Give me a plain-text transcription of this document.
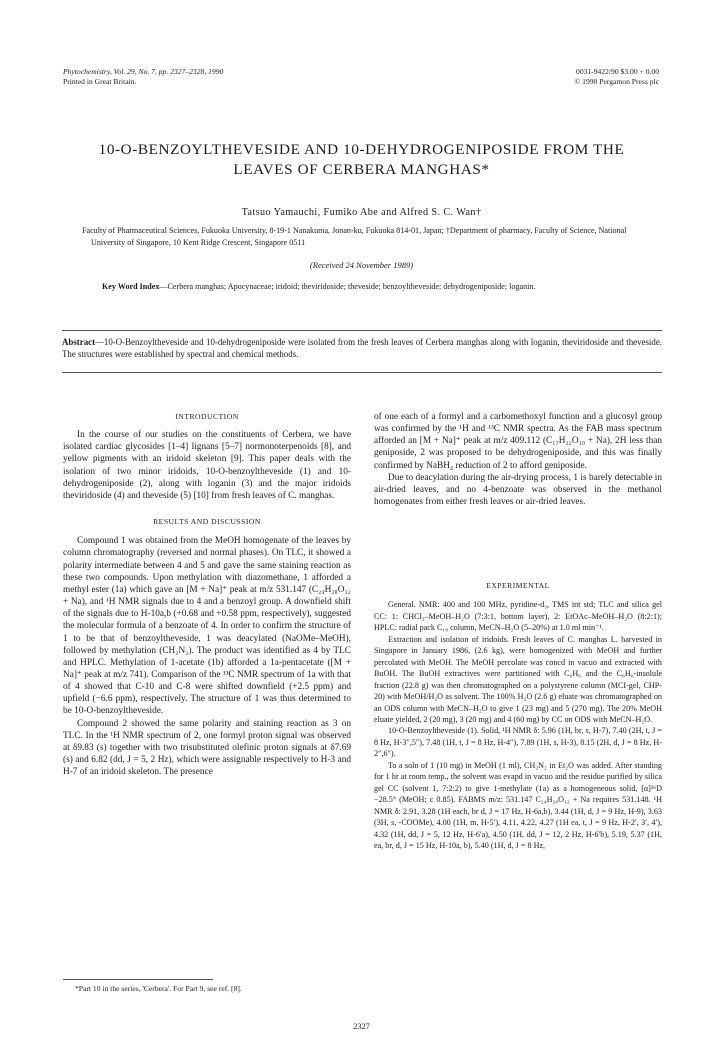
Phytochemistry, Vol. 29, No. 7, pp. 2327–2328, 1990
Printed in Great Britain.
0031-9422/90 $3.00 + 0.00
© 1990 Pergamon Press plc
10-O-BENZOYLTHEVESIDE AND 10-DEHYDROGENIPOSIDE FROM THE
LEAVES OF CERBERA MANGHAS*
Tatsuo Yamauchi, Fumiko Abe and Alfred S. C. Wan†
Faculty of Pharmaceutical Sciences, Fukuoka University, 8-19-1 Nanakuma, Jonan-ku, Fukuoka 814-01, Japan; †Department of pharmacy, Faculty of Science, National University of Singapore, 10 Kent Ridge Crescent, Singapore 0511
(Received 24 November 1989)
Key Word Index—Cerbera manghas; Apocynaceae; iridoid; theviridoside; theveside; benzoyltheveside; dehydrogeniposide; loganin.
Abstract—10-O-Benzoyltheveside and 10-dehydrogeniposide were isolated from the fresh leaves of Cerbera manghas along with loganin, theviridoside and theveside. The structures were established by spectral and chemical methods.

INTRODUCTION

In the course of our studies on the constituents of Cerbera, we have isolated cardiac glycosides [1–4] lignans [5–7] normonoterpenoids [8], and yellow pigments with an iridoid skeleton [9]. This paper deals with the isolation of two minor iridoids, 10-O-benzoyltheveside (1) and 10-dehydrogeniposide (2), along with loganin (3) and the major iridoids theviridoside (4) and theveside (5) [10] from fresh leaves of C. manghas.

RESULTS AND DISCUSSION

Compound 1 was obtained from the MeOH homogenate of the leaves by column chromatography (reversed and normal phases). On TLC, it showed a polarity intermediate between 4 and 5 and gave the same staining reaction as these two compounds. Upon methylation with diazomethane, 1 afforded a methyl ester (1a) which gave an [M + Na]⁺ peak at m/z 531.147 (C₂₄H₂₈O₁₂ + Na), and ¹H NMR signals due to 4 and a benzoyl group. A downfield shift of the signals due to H-10a,b (+0.68 and +0.58 ppm, respectively), suggested the molecular formula of a benzoate of 4. In order to confirm the structure of 1 to be that of benzoyltheveside, 1 was deacylated (NaOMe–MeOH), followed by methylation (CH₂N₂). The product was identified as 4 by TLC and HPLC. Methylation of 1-acetate (1b) afforded a 1a-pentacetate ([M + Na]⁺ peak at m/z 741). Comparison of the ¹³C NMR spectrum of 1a with that of 4 showed that C-10 and C-8 were shifted downfield (+2.5 ppm) and upfield (−6.6 ppm), respectively. The structure of 1 was thus determined to be 10-O-benzoyltheveside.

Compound 2 showed the same polarity and staining reaction as 3 on TLC. In the ¹H NMR spectrum of 2, one formyl proton signal was observed at δ9.83 (s) together with two trisubstituted olefinic proton signals at δ7.69 (s) and 6.82 (dd, J = 5, 2 Hz), which were assignable respectively to H-3 and H-7 of an iridoid skeleton. The presence

*Part 10 in the series, 'Cerbera'. For Part 9, see ref. [8].

of one each of a formyl and a carbomethoxyl function and a glucosyl group was confirmed by the ¹H and ¹³C NMR spectra. As the FAB mass spectrum afforded an [M + Na]⁺ peak at m/z 409.112 (C₁₇H₂₂O₁₀ + Na), 2H less than geniposide, 2 was proposed to be dehydrogeniposide, and this was finally confirmed by NaBH₄ reduction of 2 to afford geniposide.

Due to deacylation during the air-drying process, 1 is barely detectable in air-dried leaves, and no 4-benzoate was observed in the methanol homogenates from either fresh leaves or air-dried leaves.

EXPERIMENTAL

General. NMR: 400 and 100 MHz, pyridine-d₅, TMS int std; TLC and silica gel CC: 1: CHCl₃–MeOH–H₂O (7:3:1, bottom layer), 2: EtOAc–MeOH–H₂O (8:2:1); HPLC: radial pack C₁₈ column, MeCN–H₂O (5–20%) at 1.0 ml min⁻¹.

Extraction and isolation of iridoids. Fresh leaves of C. manghas L. harvested in Singapore in January 1986, (2.6 kg), were homogenized with MeOH and further percolated with MeOH. The MeOH percolate was concd in vacuo and extracted with BuOH. The BuOH extractives were partitioned with C₆H₆ and the C₆H₆-insolule fraction (22.8 g) was then chromatographed on a polystyrene column (MCI-gel, CHP-20) with MeOH/H₂O as solvent. The 100% H₂O (2.6 g) eluate was chromatographed on an ODS column with MeCN–H₂O to give 1 (23 mg) and 5 (270 mg). The 20% MeOH eluate yielded, 2 (20 mg), 3 (20 mg) and 4 (60 mg) by CC on ODS with MeCN–H₂O.

10-O-Benzoyltheveside (1). Solid, ¹H NMR δ: 5.96 (1H, br, s, H-7), 7.40 (2H, t, J = 8 Hz, H-3″,5″), 7.48 (1H, t, J = 8 Hz, H-4″), 7.89 (1H, s, H-3), 8.15 (2H, d, J = 8 Hz, H-2″,6″).

To a soln of 1 (10 mg) in MeOH (1 ml), CH₂N₂ in Et₂O was added. After standing for 1 hr at room temp., the solvent was evapd in vacuo and the residue purified by silica gel CC (solvent 1, 7:2:2) to give 1-methylate (1a) as a homogeneous solid, [α]²⁶D −28.5° (MeOH; c 0.85). FABMS m/z: 531.147 C₂₄H₂₈O₁₂ + Na requires 531.148. ¹H NMR δ: 2.91, 3.28 (1H each, br d, J = 17 Hz, H-6a,b), 3.44 (1H, d, J = 9 Hz, H-9), 3.63 (3H, s, -COOMe), 4.00 (1H, m, H-5′), 4.11, 4.22, 4.27 (1H ea, t, J = 9 Hz, H-2′, 3′, 4′), 4.32 (1H, dd, J = 5, 12 Hz, H-6′a), 4.50 (1H, dd, J = 12, 2 Hz, H-6′b), 5.19, 5.37 (1H, ea, br, d, J = 15 Hz, H-10a, b), 5.40 (1H, d, J = 8 Hz,

2327
